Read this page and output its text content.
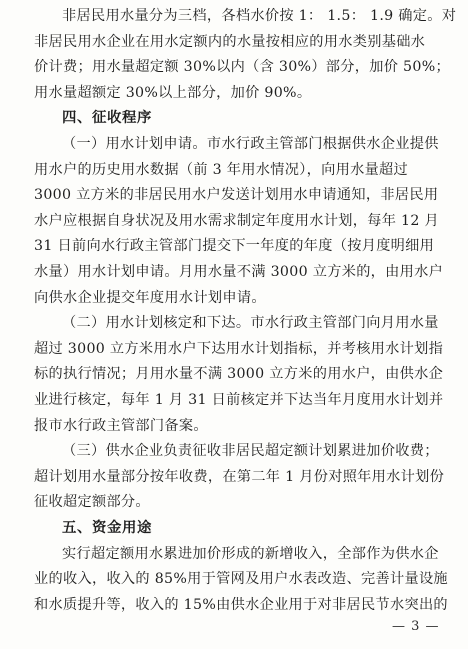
非居民用水量分为三档，各档水价按 1： 1.5： 1.9 确定。对
非居民用水企业在用水定额内的水量按相应的用水类别基础水
价计费；用水量超定额 30%以内（含 30%）部分，加价 50%；
用水量超额定 30%以上部分，加价 90%。
四、征收程序
（一）用水计划申请。市水行政主管部门根据供水企业提供
用水户的历史用水数据（前 3 年用水情况），向用水量超过
3000 立方米的非居民用水户发送计划用水申请通知，非居民用
水户应根据自身状况及用水需求制定年度用水计划，每年 12 月
31 日前向水行政主管部门提交下一年度的年度（按月度明细用
水量）用水计划申请。月用水量不满 3000 立方米的，由用水户
向供水企业提交年度用水计划申请。
（二）用水计划核定和下达。市水行政主管部门向月用水量
超过 3000 立方米用水户下达用水计划指标，并考核用水计划指
标的执行情况；月用水量不满 3000 立方米的用水户，由供水企
业进行核定，每年 1 月 31 日前核定并下达当年月度用水计划并
报市水行政主管部门备案。
（三）供水企业负责征收非居民超定额计划累进加价收费；
超计划用水量部分按年收费，在第二年 1 月份对照年用水计划份
征收超定额部分。
五、资金用途
实行超定额用水累进加价形成的新增收入，全部作为供水企
— 3 —
业的收入，收入的 85%用于管网及用户水表改造、完善计量设施
和水质提升等，收入的 15%由供水企业用于对非居民节水突出的
